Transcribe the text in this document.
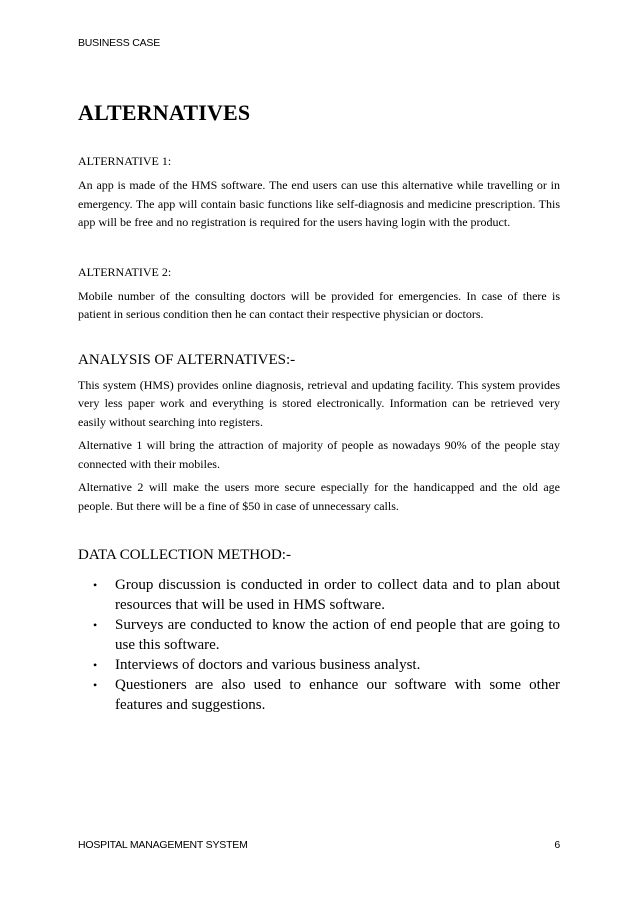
BUSINESS CASE
ALTERNATIVES
ALTERNATIVE 1:

An app is made of the HMS software. The end users can use this alternative while travelling or in emergency. The app will contain basic functions like self-diagnosis and medicine prescription. This app will be free and no registration is required for the users having login with the product.

ALTERNATIVE 2:

Mobile number of the consulting doctors will be provided for emergencies. In case of there is patient in serious condition then he can contact their respective physician or doctors.

ANALYSIS OF ALTERNATIVES:-

This system (HMS) provides online diagnosis, retrieval and updating facility. This system provides very less paper work and everything is stored electronically. Information can be retrieved very easily without searching into registers.

Alternative 1 will bring the attraction of majority of people as nowadays 90% of the people stay connected with their mobiles.

Alternative 2 will make the users more secure especially for the handicapped and the old age people. But there will be a fine of $50 in case of unnecessary calls.

DATA COLLECTION METHOD:-
• Group discussion is conducted in order to collect data and to plan about resources that will be used in HMS software.
• Surveys are conducted to know the action of end people that are going to use this software.
• Interviews of doctors and various business analyst.
• Questioners are also used to enhance our software with some other features and suggestions.
HOSPITAL MANAGEMENT SYSTEM	6
